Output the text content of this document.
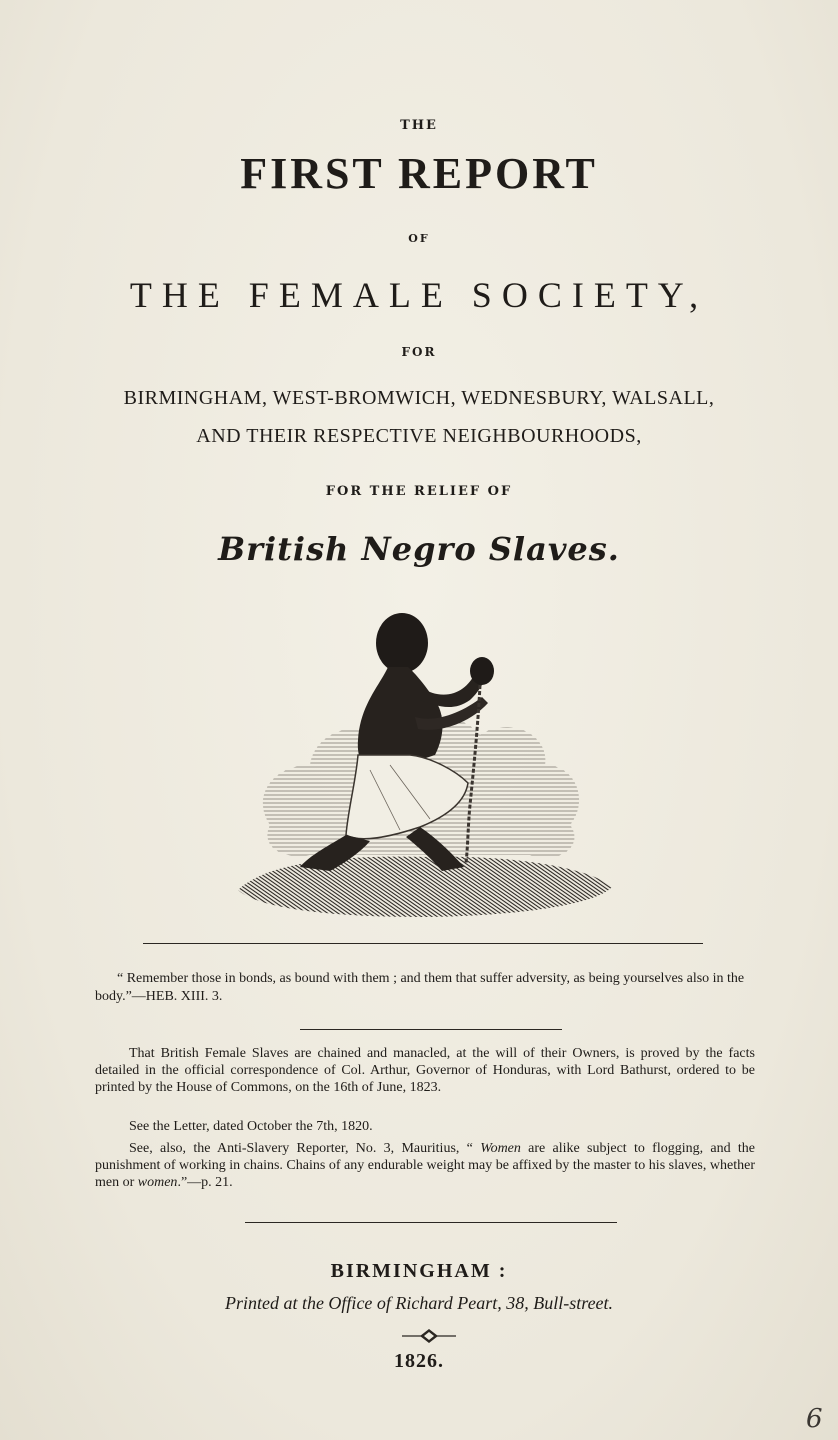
THE
FIRST REPORT
OF
THE FEMALE SOCIETY,
FOR
BIRMINGHAM, WEST-BROMWICH, WEDNESBURY, WALSALL,
AND THEIR RESPECTIVE NEIGHBOURHOODS,
FOR THE RELIEF OF
British Negro Slaves.
“ Remember those in bonds, as bound with them ; and them that suffer adversity, as being yourselves also in the body.”—HEB. XIII. 3.
That British Female Slaves are chained and manacled, at the will of their Owners, is proved by the facts detailed in the official correspondence of Col. Arthur, Governor of Honduras, with Lord Bathurst, ordered to be printed by the House of Commons, on the 16th of June, 1823.
See the Letter, dated October the 7th, 1820.
See, also, the Anti-Slavery Reporter, No. 3, Mauritius, “ Women are alike subject to flogging, and the punishment of working in chains. Chains of any endurable weight may be affixed by the master to his slaves, whether men or women.”—p. 21.
BIRMINGHAM :
Printed at the Office of Richard Peart, 38, Bull-street.
1826.
6
